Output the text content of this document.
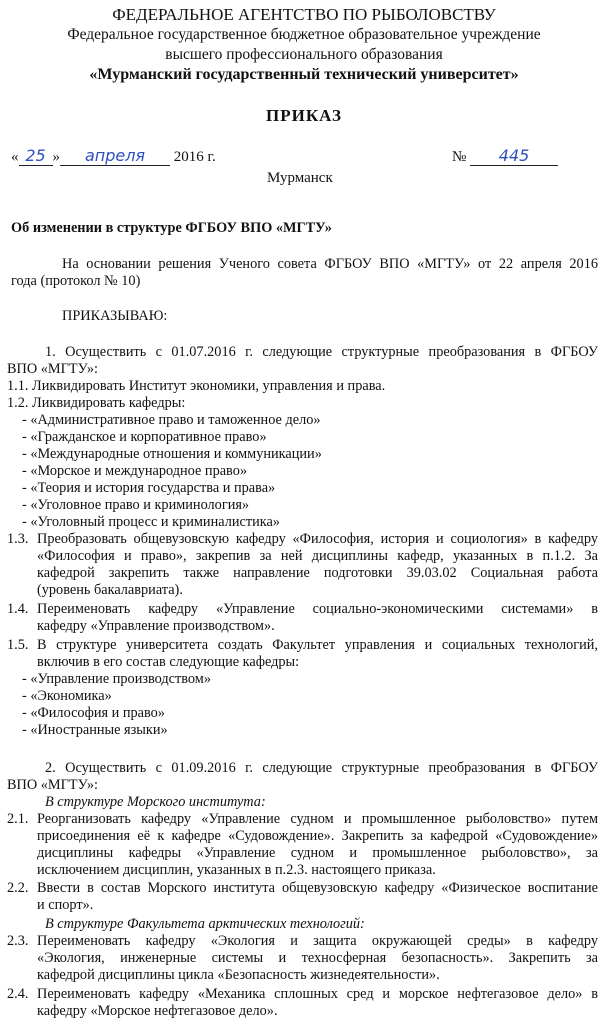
ФЕДЕРАЛЬНОЕ АГЕНТСТВО ПО РЫБОЛОВСТВУ
Федеральное государственное бюджетное образовательное учреждение
высшего профессионального образования
«Мурманский государственный технический университет»
ПРИКАЗ
« 25 » апреля 2016 г.	№ 445
Мурманск
Об изменении в структуре ФГБОУ ВПО «МГТУ»
На основании решения Ученого совета ФГБОУ ВПО «МГТУ» от 22 апреля 2016
года (протокол № 10)
ПРИКАЗЫВАЮ:
1. Осуществить с 01.07.2016 г. следующие структурные преобразования в ФГБОУ
ВПО «МГТУ»:
1.1. Ликвидировать Институт экономики, управления и права.
1.2. Ликвидировать кафедры:
- «Административное право и таможенное дело»
- «Гражданское и корпоративное право»
- «Международные отношения и коммуникации»
- «Морское и международное право»
- «Теория и история государства и права»
- «Уголовное право и криминология»
- «Уголовный процесс и криминалистика»
1.3. Преобразовать общевузовскую кафедру «Философия, история и социология» в кафедру
«Философия и право», закрепив за ней дисциплины кафедр, указанных в п.1.2. За
кафедрой закрепить также направление подготовки 39.03.02 Социальная работа
(уровень бакалавриата).
1.4. Переименовать кафедру «Управление социально-экономическими системами» в
кафедру «Управление производством».
1.5. В структуре университета создать Факультет управления и социальных технологий,
включив в его состав следующие кафедры:
- «Управление производством»
- «Экономика»
- «Философия и право»
- «Иностранные языки»
2. Осуществить с 01.09.2016 г. следующие структурные преобразования в ФГБОУ
ВПО «МГТУ»:
В структуре Морского института:
2.1. Реорганизовать кафедру «Управление судном и промышленное рыболовство» путем
присоединения её к кафедре «Судовождение». Закрепить за кафедрой «Судовождение»
дисциплины кафедры «Управление судном и промышленное рыболовство», за
исключением дисциплин, указанных в п.2.3. настоящего приказа.
2.2. Ввести в состав Морского института общевузовскую кафедру «Физическое воспитание
и спорт».
В структуре Факультета арктических технологий:
2.3. Переименовать кафедру «Экология и защита окружающей среды» в кафедру
«Экология, инженерные системы и техносферная безопасность». Закрепить за
кафедрой дисциплины цикла «Безопасность жизнедеятельности».
2.4. Переименовать кафедру «Механика сплошных сред и морское нефтегазовое дело» в
кафедру «Морское нефтегазовое дело».
